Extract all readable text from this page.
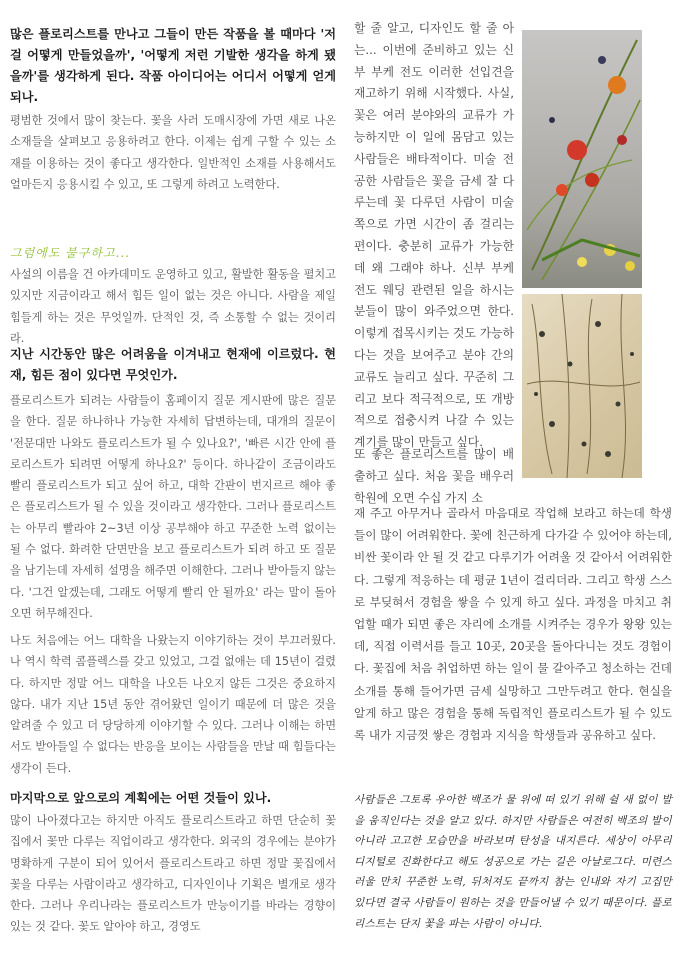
많은 플로리스트를 만나고 그들이 만든 작품을 볼 때마다 '저걸 어떻게 만들었을까', '어떻게 저런 기발한 생각을 하게 됐을까'를 생각하게 된다. 작품 아이디어는 어디서 어떻게 얻게 되나.

평범한 것에서 많이 찾는다. 꽃을 사러 도매시장에 가면 새로 나온 소재들을 살펴보고 응용하려고 한다. 이제는 쉽게 구할 수 있는 소재를 이용하는 것이 좋다고 생각한다. 일반적인 소재를 사용해서도 얼마든지 응용시킬 수 있고, 또 그렇게 하려고 노력한다.

그럼에도 불구하고...

사설의 이름을 건 아카데미도 운영하고 있고, 활발한 활동을 펼치고 있지만 지금이라고 해서 힘든 일이 없는 것은 아니다. 사람을 제일 힘들게 하는 것은 무엇일까. 단적인 것, 즉 소통할 수 없는 것이리라.

지난 시간동안 많은 어려움을 이겨내고 현재에 이르렀다. 현재, 힘든 점이 있다면 무엇인가.

플로리스트가 되려는 사람들이 홈페이지 질문 게시판에 많은 질문을 한다. 질문 하나하나 가능한 자세히 답변하는데, 대개의 질문이 '전문대만 나와도 플로리스트가 될 수 있나요?', '빠른 시간 안에 플로리스트가 되려면 어떻게 하나요?' 등이다. 하나같이 조금이라도 빨리 플로리스트가 되고 싶어 하고, 대학 간판이 번지르르 해야 좋은 플로리스트가 될 수 있을 것이라고 생각한다. 그러나 플로리스트는 아무리 빨라야 2~3년 이상 공부해야 하고 꾸준한 노력 없이는 될 수 없다. 화려한 단면만을 보고 플로리스트가 되려 하고 또 질문을 남기는데 자세히 설명을 해주면 이해한다. 그러나 받아들지 않는다. '그건 알겠는데, 그래도 어떻게 빨리 안 될까요' 라는 말이 돌아오면 허무해진다.

나도 처음에는 어느 대학을 나왔는지 이야기하는 것이 부끄러웠다. 나 역시 학력 콤플렉스를 갖고 있었고, 그걸 없애는 데 15년이 걸렸다. 하지만 정말 어느 대학을 나오든 나오지 않든 그것은 중요하지 않다. 내가 지난 15년 동안 겪어왔던 일이기 때문에 더 많은 것을 알려줄 수 있고 더 당당하게 이야기할 수 있다. 그러나 이해는 하면서도 받아들일 수 없다는 반응을 보이는 사람들을 만날 때 힘들다는 생각이 든다.

마지막으로 앞으로의 계획에는 어떤 것들이 있나.

많이 나아졌다고는 하지만 아직도 플로리스트라고 하면 단순히 꽃집에서 꽃만 다루는 직업이라고 생각한다. 외국의 경우에는 분야가 명확하게 구분이 되어 있어서 플로리스트라고 하면 정말 꽃집에서 꽃을 다루는 사람이라고 생각하고, 디자인이나 기획은 별개로 생각한다. 그러나 우리나라는 플로리스트가 만능이기를 바라는 경향이 있는 것 같다. 꽃도 알아야 하고, 경영도

할 줄 알고, 디자인도 할 줄 아는... 이번에 준비하고 있는 신부 부케 전도 이러한 선입견을 재고하기 위해 시작했다. 사실, 꽃은 여러 분야와의 교류가 가능하지만 이 일에 몸담고 있는 사람들은 배타적이다. 미술 전공한 사람들은 꽃을 금세 잘 다루는데 꽃 다루던 사람이 미술 쪽으로 가면 시간이 좀 걸리는 편이다. 충분히 교류가 가능한데 왜 그래야 하나. 신부 부케 전도 웨딩 관련된 일을 하시는 분들이 많이 와주었으면 한다. 이렇게 접목시키는 것도 가능하다는 것을 보여주고 분야 간의 교류도 늘리고 싶다. 꾸준히 그리고 보다 적극적으로, 또 개방적으로 접충시켜 나갈 수 있는 계기를 많이 만들고 싶다.

또 좋은 플로리스트를 많이 배출하고 싶다. 처음 꽃을 배우러 학원에 오면 수십 가지 소

재 주고 아무거나 골라서 마음대로 작업해 보라고 하는데 학생들이 많이 어려워한다. 꽃에 친근하게 다가갈 수 있어야 하는데, 비싼 꽃이라 안 될 것 같고 다루기가 어려울 것 같아서 어려워한다. 그렇게 적응하는 데 평균 1년이 걸리더라. 그리고 학생 스스로 부딪혀서 경험을 쌓을 수 있게 하고 싶다. 과정을 마치고 취업할 때가 되면 좋은 자리에 소개를 시켜주는 경우가 왕왕 있는데, 직접 이력서를 들고 10곳, 20곳을 돌아다니는 것도 경험이다. 꽃집에 처음 취업하면 하는 일이 물 갈아주고 청소하는 건데 소개를 통해 들어가면 금세 실망하고 그만두려고 한다. 현실을 알게 하고 많은 경험을 통해 독립적인 플로리스트가 될 수 있도록 내가 지금껏 쌓은 경험과 지식을 학생들과 공유하고 싶다.

사람들은 그토록 우아한 백조가 물 위에 떠 있기 위해 쉴 새 없이 발을 움직인다는 것을 알고 있다. 하지만 사람들은 여전히 백조의 발이 아니라 고고한 모습만을 바라보며 탄성을 내지른다. 세상이 아무리 디지털로 진화한다고 해도 성공으로 가는 길은 아날로그다. 미련스러울 만치 꾸준한 노력, 뒤처져도 끝까지 참는 인내와 자기 고집만 있다면 결국 사람들이 원하는 것을 만들어낼 수 있기 때문이다. 플로리스트는 단지 꽃을 파는 사람이 아니다.
